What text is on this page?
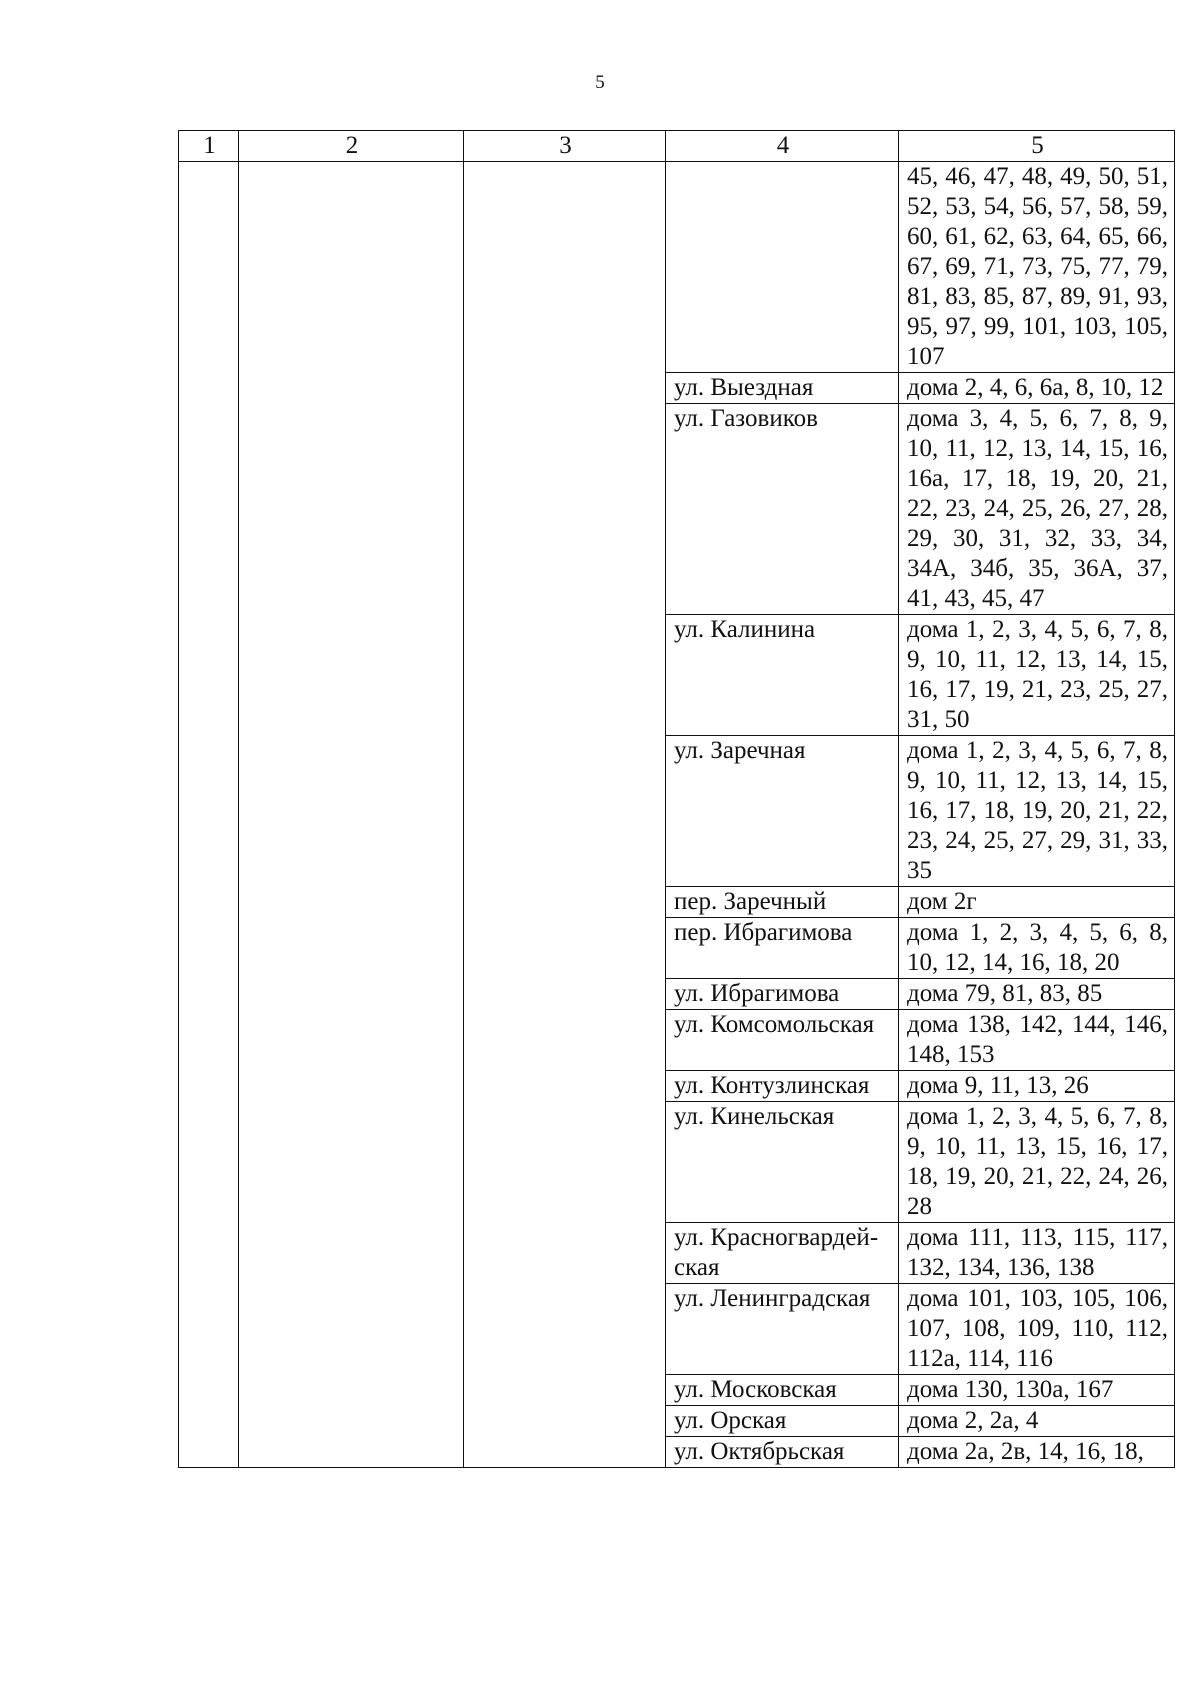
5
1	2	3	4	5
				45, 46, 47, 48, 49, 50, 51, 52, 53, 54, 56, 57, 58, 59, 60, 61, 62, 63, 64, 65, 66, 67, 69, 71, 73, 75, 77, 79, 81, 83, 85, 87, 89, 91, 93, 95, 97, 99, 101, 103, 105, 107
			ул. Выездная	дома 2, 4, 6, 6а, 8, 10, 12
			ул. Газовиков	дома 3, 4, 5, 6, 7, 8, 9, 10, 11, 12, 13, 14, 15, 16, 16а, 17, 18, 19, 20, 21, 22, 23, 24, 25, 26, 27, 28, 29, 30, 31, 32, 33, 34, 34А, 34б, 35, 36А, 37, 41, 43, 45, 47
			ул. Калинина	дома 1, 2, 3, 4, 5, 6, 7, 8, 9, 10, 11, 12, 13, 14, 15, 16, 17, 19, 21, 23, 25, 27, 31, 50
			ул. Заречная	дома 1, 2, 3, 4, 5, 6, 7, 8, 9, 10, 11, 12, 13, 14, 15, 16, 17, 18, 19, 20, 21, 22, 23, 24, 25, 27, 29, 31, 33, 35
			пер. Заречный	дом 2г
			пер. Ибрагимова	дома 1, 2, 3, 4, 5, 6, 8, 10, 12, 14, 16, 18, 20
			ул. Ибрагимова	дома 79, 81, 83, 85
			ул. Комсомольская	дома 138, 142, 144, 146, 148, 153
			ул. Контузлинская	дома 9, 11, 13, 26
			ул. Кинельская	дома 1, 2, 3, 4, 5, 6, 7, 8, 9, 10, 11, 13, 15, 16, 17, 18, 19, 20, 21, 22, 24, 26, 28
			ул. Красногвардей-ская	дома 111, 113, 115, 117, 132, 134, 136, 138
			ул. Ленинградская	дома 101, 103, 105, 106, 107, 108, 109, 110, 112, 112а, 114, 116
			ул. Московская	дома 130, 130а, 167
			ул. Орская	дома 2, 2а, 4
			ул. Октябрьская	дома 2а, 2в, 14, 16, 18,
